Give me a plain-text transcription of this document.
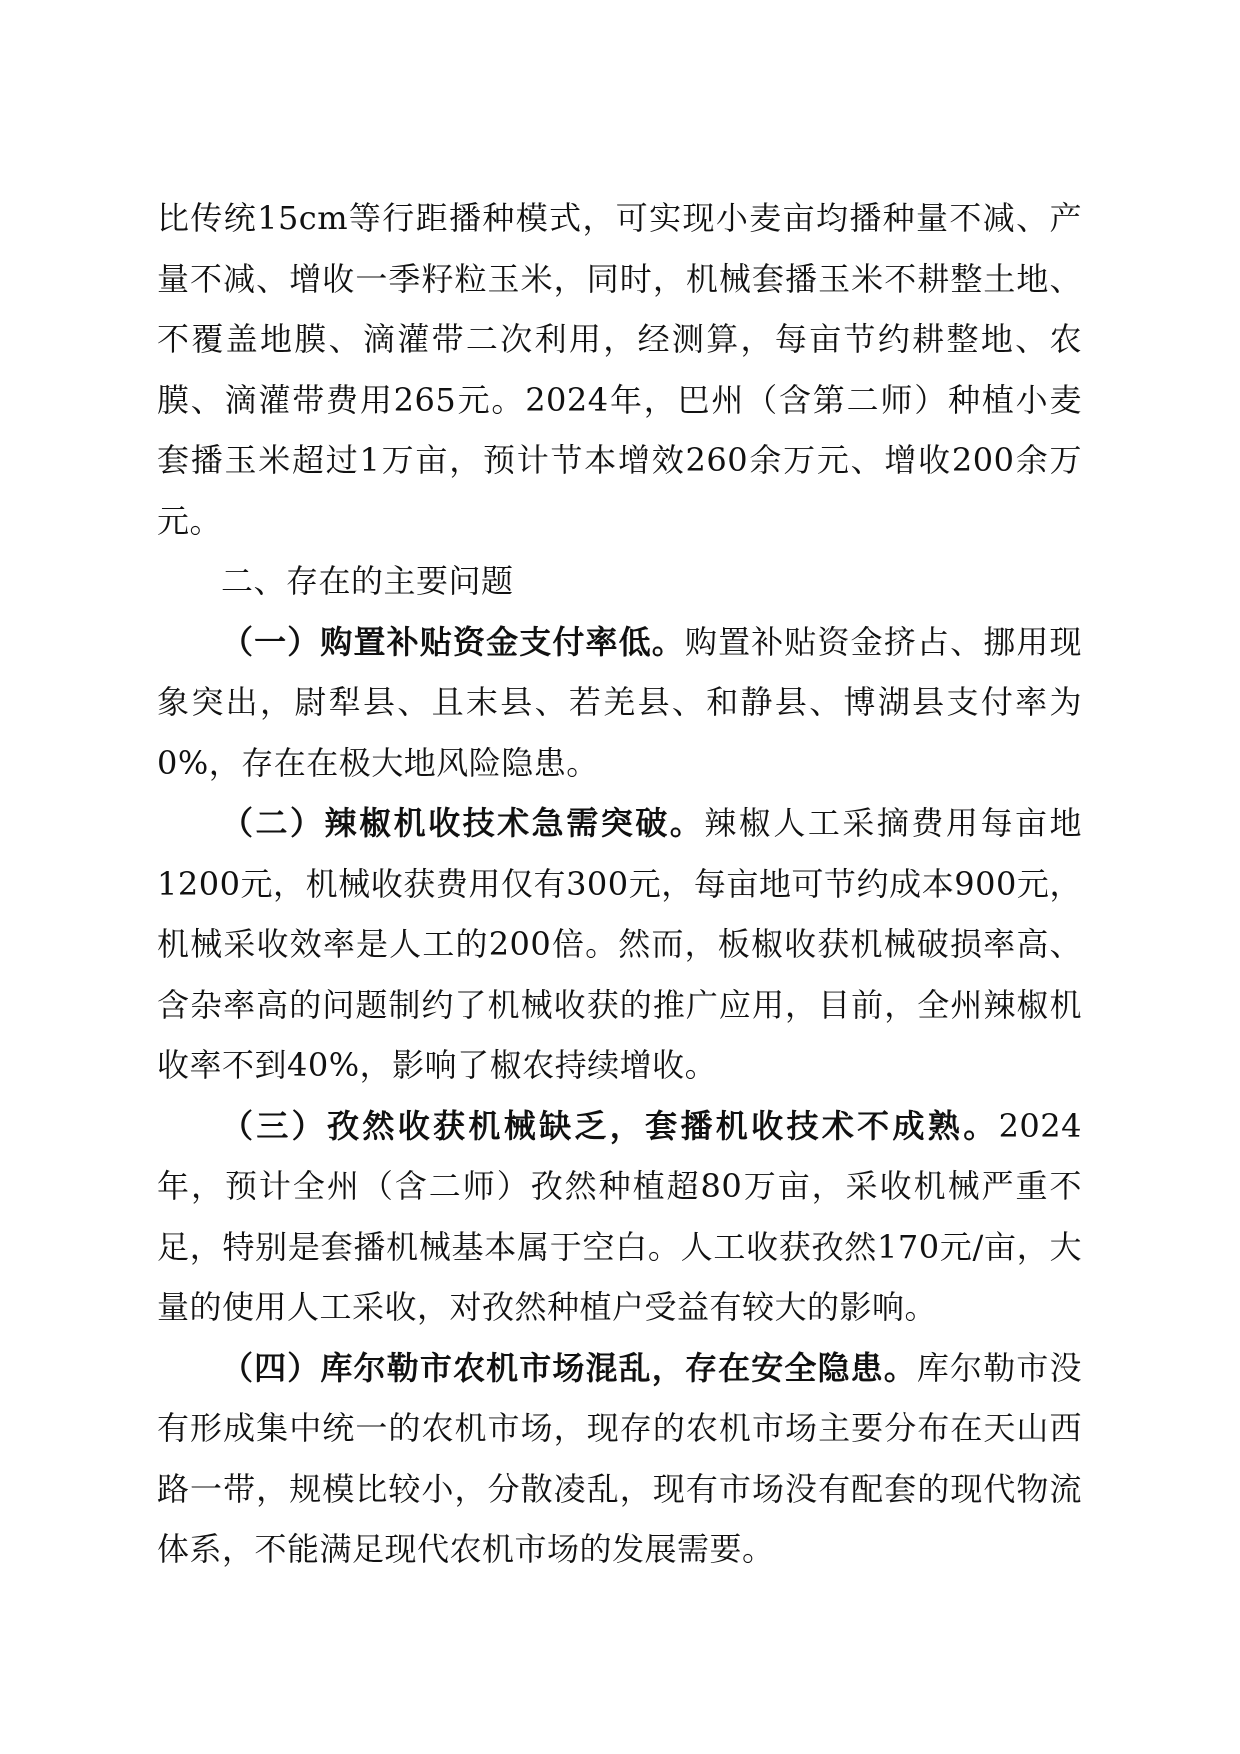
比传统15cm等行距播种模式，可实现小麦亩均播种量不减、产量不减、增收一季籽粒玉米，同时，机械套播玉米不耕整土地、不覆盖地膜、滴灌带二次利用，经测算，每亩节约耕整地、农膜、滴灌带费用265元。2024年，巴州（含第二师）种植小麦套播玉米超过1万亩，预计节本增效260余万元、增收200余万元。

二、存在的主要问题

（一）购置补贴资金支付率低。购置补贴资金挤占、挪用现象突出，尉犁县、且末县、若羌县、和静县、博湖县支付率为0%，存在在极大地风险隐患。

（二）辣椒机收技术急需突破。辣椒人工采摘费用每亩地1200元，机械收获费用仅有300元，每亩地可节约成本900元，机械采收效率是人工的200倍。然而，板椒收获机械破损率高、含杂率高的问题制约了机械收获的推广应用，目前，全州辣椒机收率不到40%，影响了椒农持续增收。

（三）孜然收获机械缺乏，套播机收技术不成熟。2024年，预计全州（含二师）孜然种植超80万亩，采收机械严重不足，特别是套播机械基本属于空白。人工收获孜然170元/亩，大量的使用人工采收，对孜然种植户受益有较大的影响。

（四）库尔勒市农机市场混乱，存在安全隐患。库尔勒市没有形成集中统一的农机市场，现存的农机市场主要分布在天山西路一带，规模比较小，分散凌乱，现有市场没有配套的现代物流体系，不能满足现代农机市场的发展需要。
